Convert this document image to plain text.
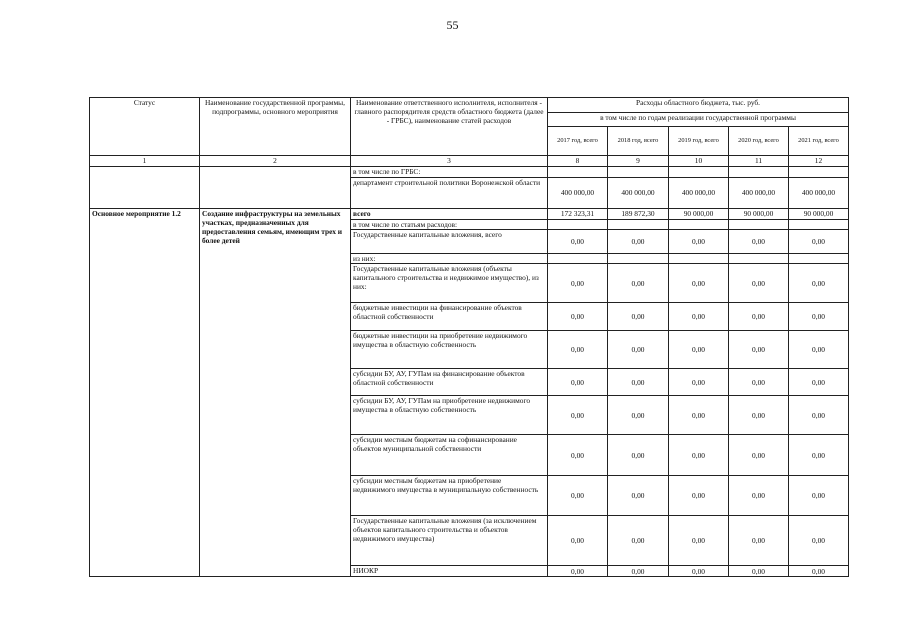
55
Статус	Наименование государственной программы, подпрограммы, основного мероприятия	Наименование ответственного исполнителя, исполнителя - главного распорядителя средств областного бюджета (далее - ГРБС), наименование статей расходов	Расходы областного бюджета, тыс. руб.				
			в том числе по годам реализации государственной программы				
			2017 год, всего	2018 год, всего	2019 год, всего	2020 год, всего	2021 год, всего
1	2	3	8	9	10	11	12
		в том числе по ГРБС:					
		департамент строительной политики Воронежской области	400 000,00	400 000,00	400 000,00	400 000,00	400 000,00
Основное мероприятие 1.2	Создание инфраструктуры на земельных участках, предназначенных для предоставления семьям, имеющим трех и более детей	всего	172 323,31	189 872,30	90 000,00	90 000,00	90 000,00
		в том числе по статьям расходов:					
		Государственные капитальные вложения, всего	0,00	0,00	0,00	0,00	0,00
		из них:					
		Государственные капитальные вложения (объекты капитального строительства и недвижимое имущество), из них:	0,00	0,00	0,00	0,00	0,00
		бюджетные инвестиции на финансирование объектов областной собственности	0,00	0,00	0,00	0,00	0,00
		бюджетные инвестиции на приобретение недвижимого имущества в областную собственность	0,00	0,00	0,00	0,00	0,00
		субсидии БУ, АУ, ГУПам на финансирование объектов областной собственности	0,00	0,00	0,00	0,00	0,00
		субсидии БУ, АУ, ГУПам на приобретение недвижимого имущества в областную собственность	0,00	0,00	0,00	0,00	0,00
		субсидии местным бюджетам на софинансирование объектов муниципальной собственности	0,00	0,00	0,00	0,00	0,00
		субсидии местным бюджетам на приобретение недвижимого имущества в муниципальную собственность	0,00	0,00	0,00	0,00	0,00
		Государственные капитальные вложения (за исключением объектов капитального строительства и объектов недвижимого имущества)	0,00	0,00	0,00	0,00	0,00
		НИОКР	0,00	0,00	0,00	0,00	0,00
